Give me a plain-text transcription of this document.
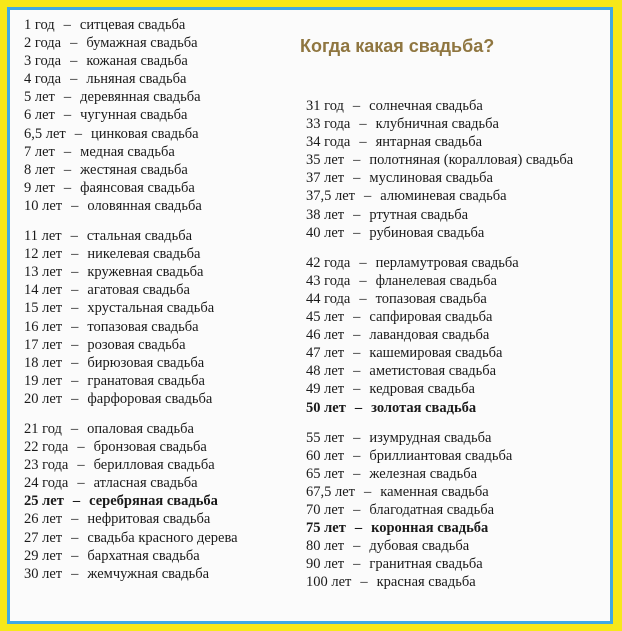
Когда какая свадьба?
1 год – ситцевая свадьба
2 года – бумажная свадьба
3 года – кожаная свадьба
4 года – льняная свадьба
5 лет – деревянная свадьба
6 лет – чугунная свадьба
6,5 лет – цинковая свадьба
7 лет – медная свадьба
8 лет – жестяная свадьба
9 лет – фаянсовая свадьба
10 лет – оловянная свадьба
11 лет – стальная свадьба
12 лет – никелевая свадьба
13 лет – кружевная свадьба
14 лет – агатовая свадьба
15 лет – хрустальная свадьба
16 лет – топазовая свадьба
17 лет – розовая свадьба
18 лет – бирюзовая свадьба
19 лет – гранатовая свадьба
20 лет – фарфоровая свадьба
21 год – опаловая свадьба
22 года – бронзовая свадьба
23 года – берилловая свадьба
24 года – атласная свадьба
25 лет – серебряная свадьба
26 лет – нефритовая свадьба
27 лет – свадьба красного дерева
29 лет – бархатная свадьба
30 лет – жемчужная свадьба
31 год – солнечная свадьба
33 года – клубничная свадьба
34 года – янтарная свадьба
35 лет – полотняная (коралловая) свадьба
37 лет – муслиновая свадьба
37,5 лет – алюминевая свадьба
38 лет – ртутная свадьба
40 лет – рубиновая свадьба
42 года – перламутровая свадьба
43 года – фланелевая свадьба
44 года – топазовая свадьба
45 лет – сапфировая свадьба
46 лет – лавандовая свадьба
47 лет – кашемировая свадьба
48 лет – аметистовая свадьба
49 лет – кедровая свадьба
50 лет – золотая свадьба
55 лет – изумрудная свадьба
60 лет – бриллиантовая свадьба
65 лет – железная свадьба
67,5 лет – каменная свадьба
70 лет – благодатная свадьба
75 лет – коронная свадьба
80 лет – дубовая свадьба
90 лет – гранитная свадьба
100 лет – красная свадьба
